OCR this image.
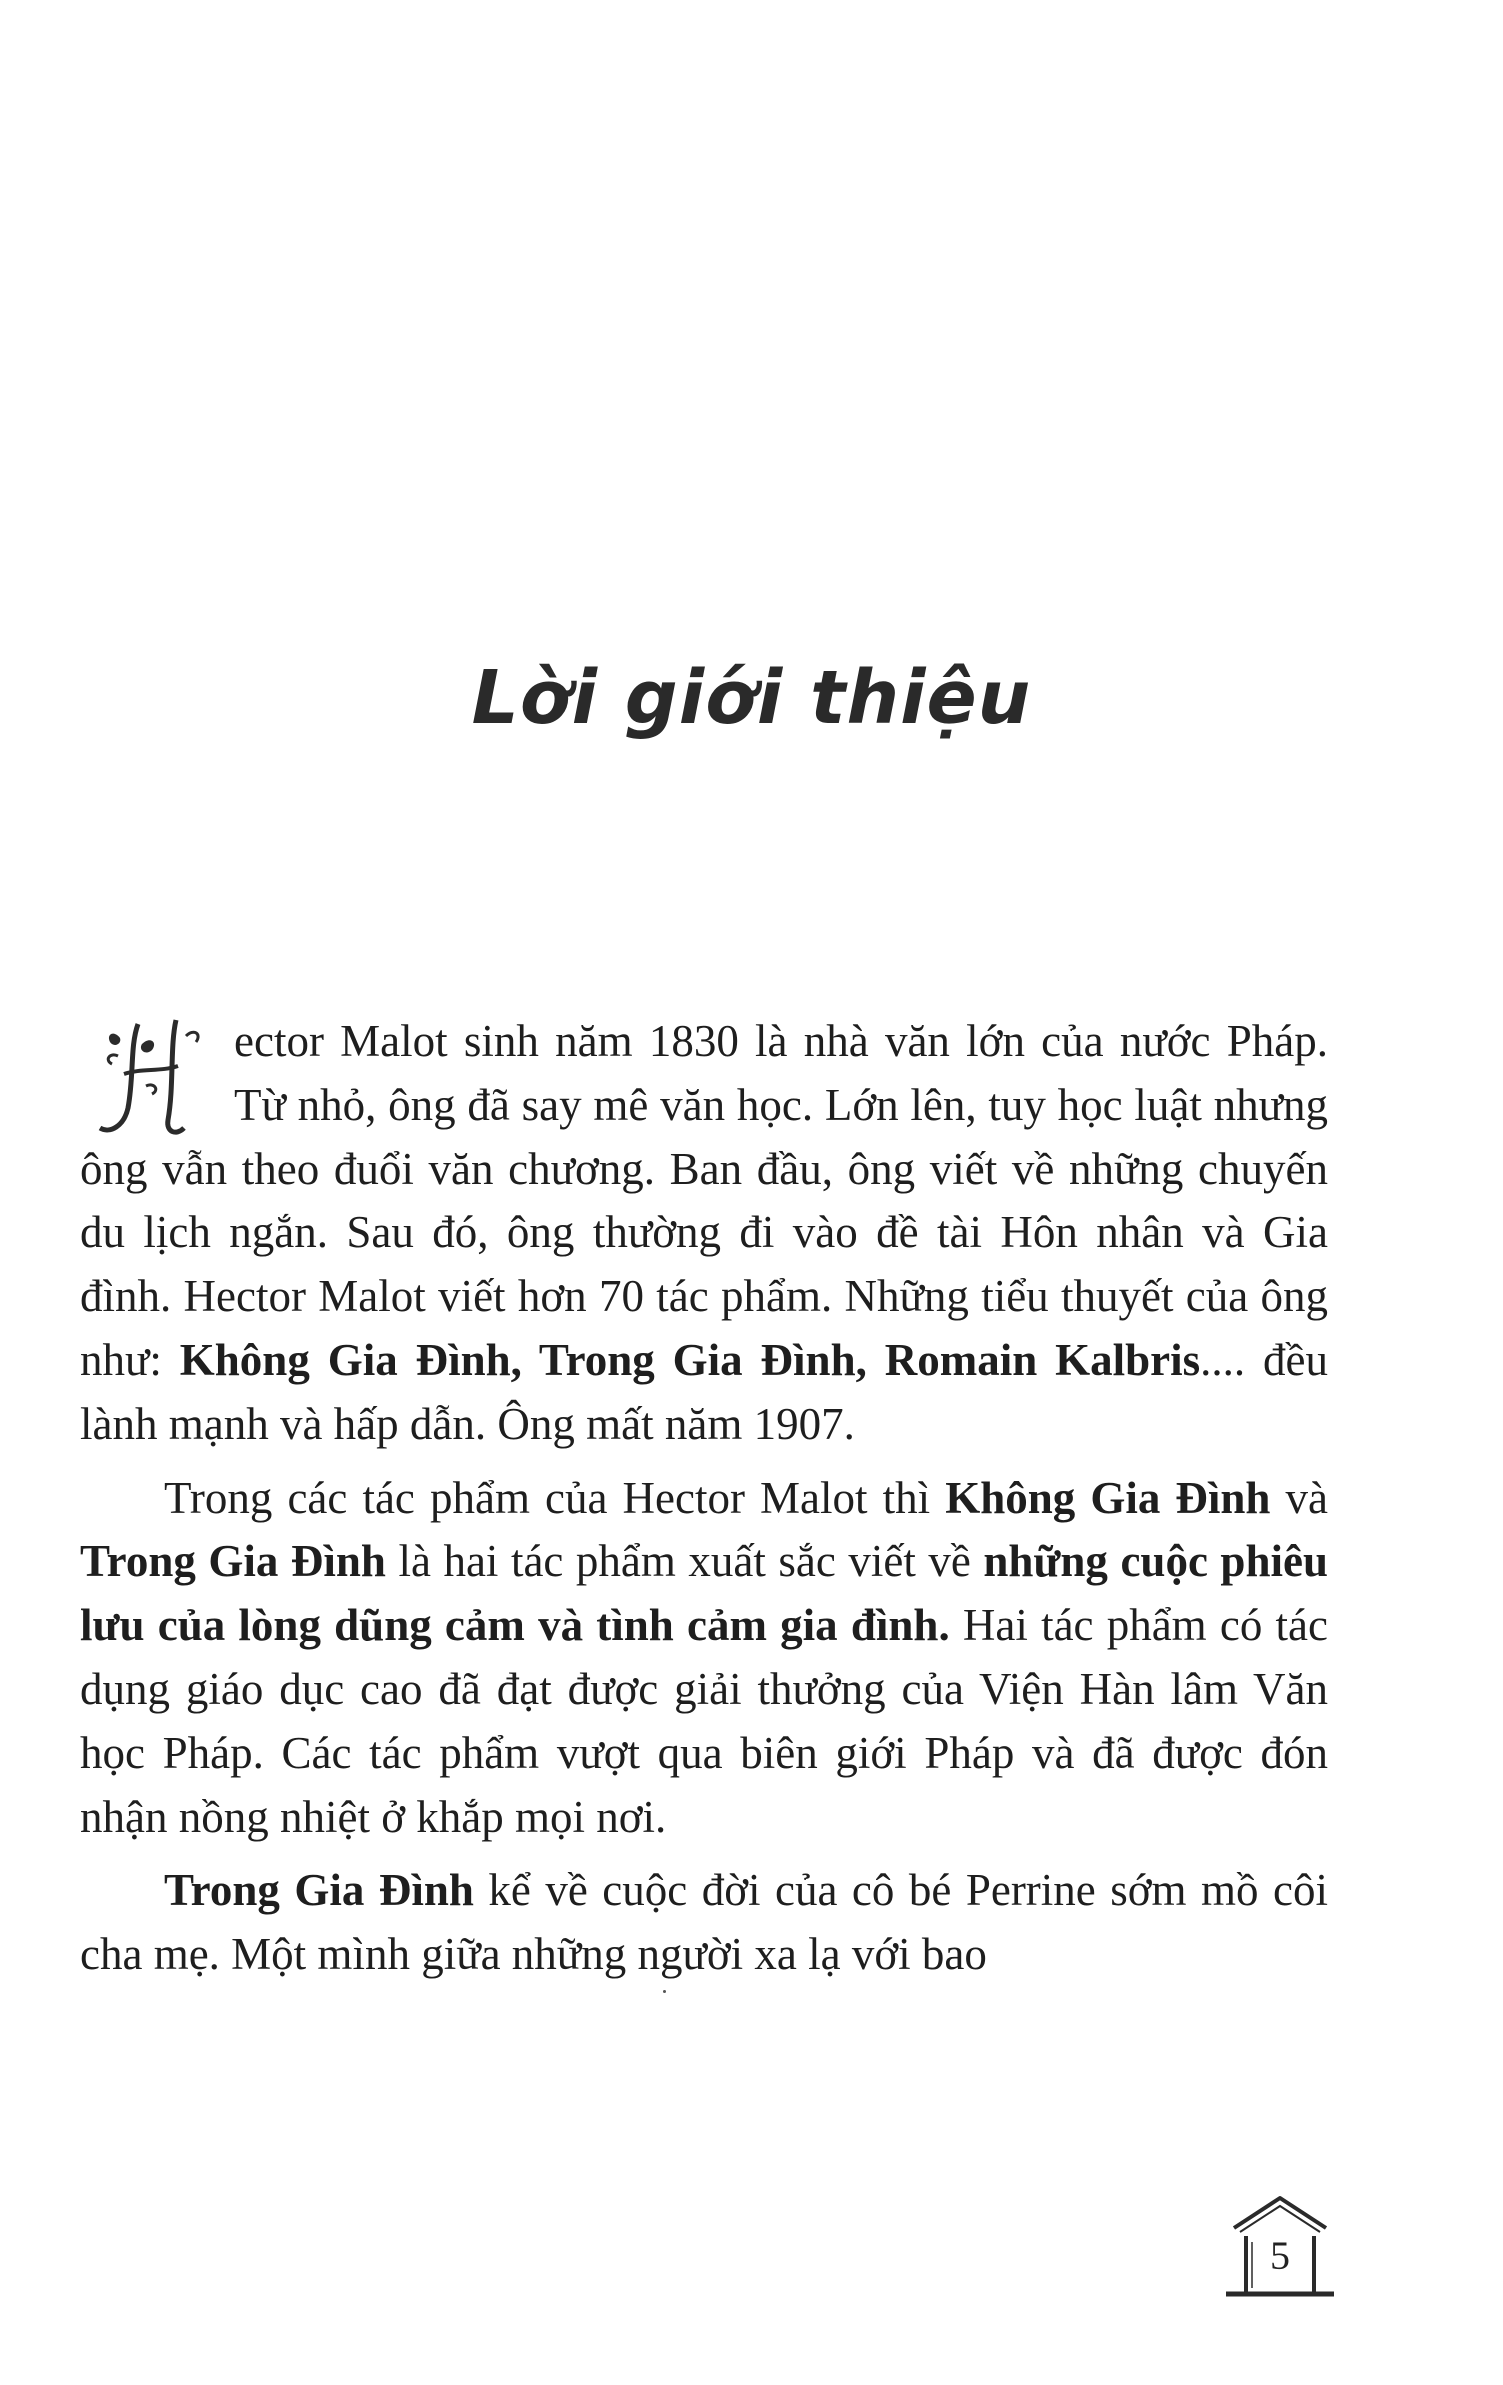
Lời giới thiệu

ector Malot sinh năm 1830 là nhà văn lớn của nước Pháp. Từ nhỏ, ông đã say mê văn học. Lớn lên, tuy học luật nhưng ông vẫn theo đuổi văn chương. Ban đầu, ông viết về những chuyến du lịch ngắn. Sau đó, ông thường đi vào đề tài Hôn nhân và Gia đình. Hector Malot viết hơn 70 tác phẩm. Những tiểu thuyết của ông như: Không Gia Đình, Trong Gia Đình, Romain Kalbris.... đều lành mạnh và hấp dẫn. Ông mất năm 1907.

Trong các tác phẩm của Hector Malot thì Không Gia Đình và Trong Gia Đình là hai tác phẩm xuất sắc viết về những cuộc phiêu lưu của lòng dũng cảm và tình cảm gia đình. Hai tác phẩm có tác dụng giáo dục cao đã đạt được giải thưởng của Viện Hàn lâm Văn học Pháp. Các tác phẩm vượt qua biên giới Pháp và đã được đón nhận nồng nhiệt ở khắp mọi nơi.

Trong Gia Đình kể về cuộc đời của cô bé Perrine sớm mồ côi cha mẹ. Một mình giữa những người xa lạ với bao

5
